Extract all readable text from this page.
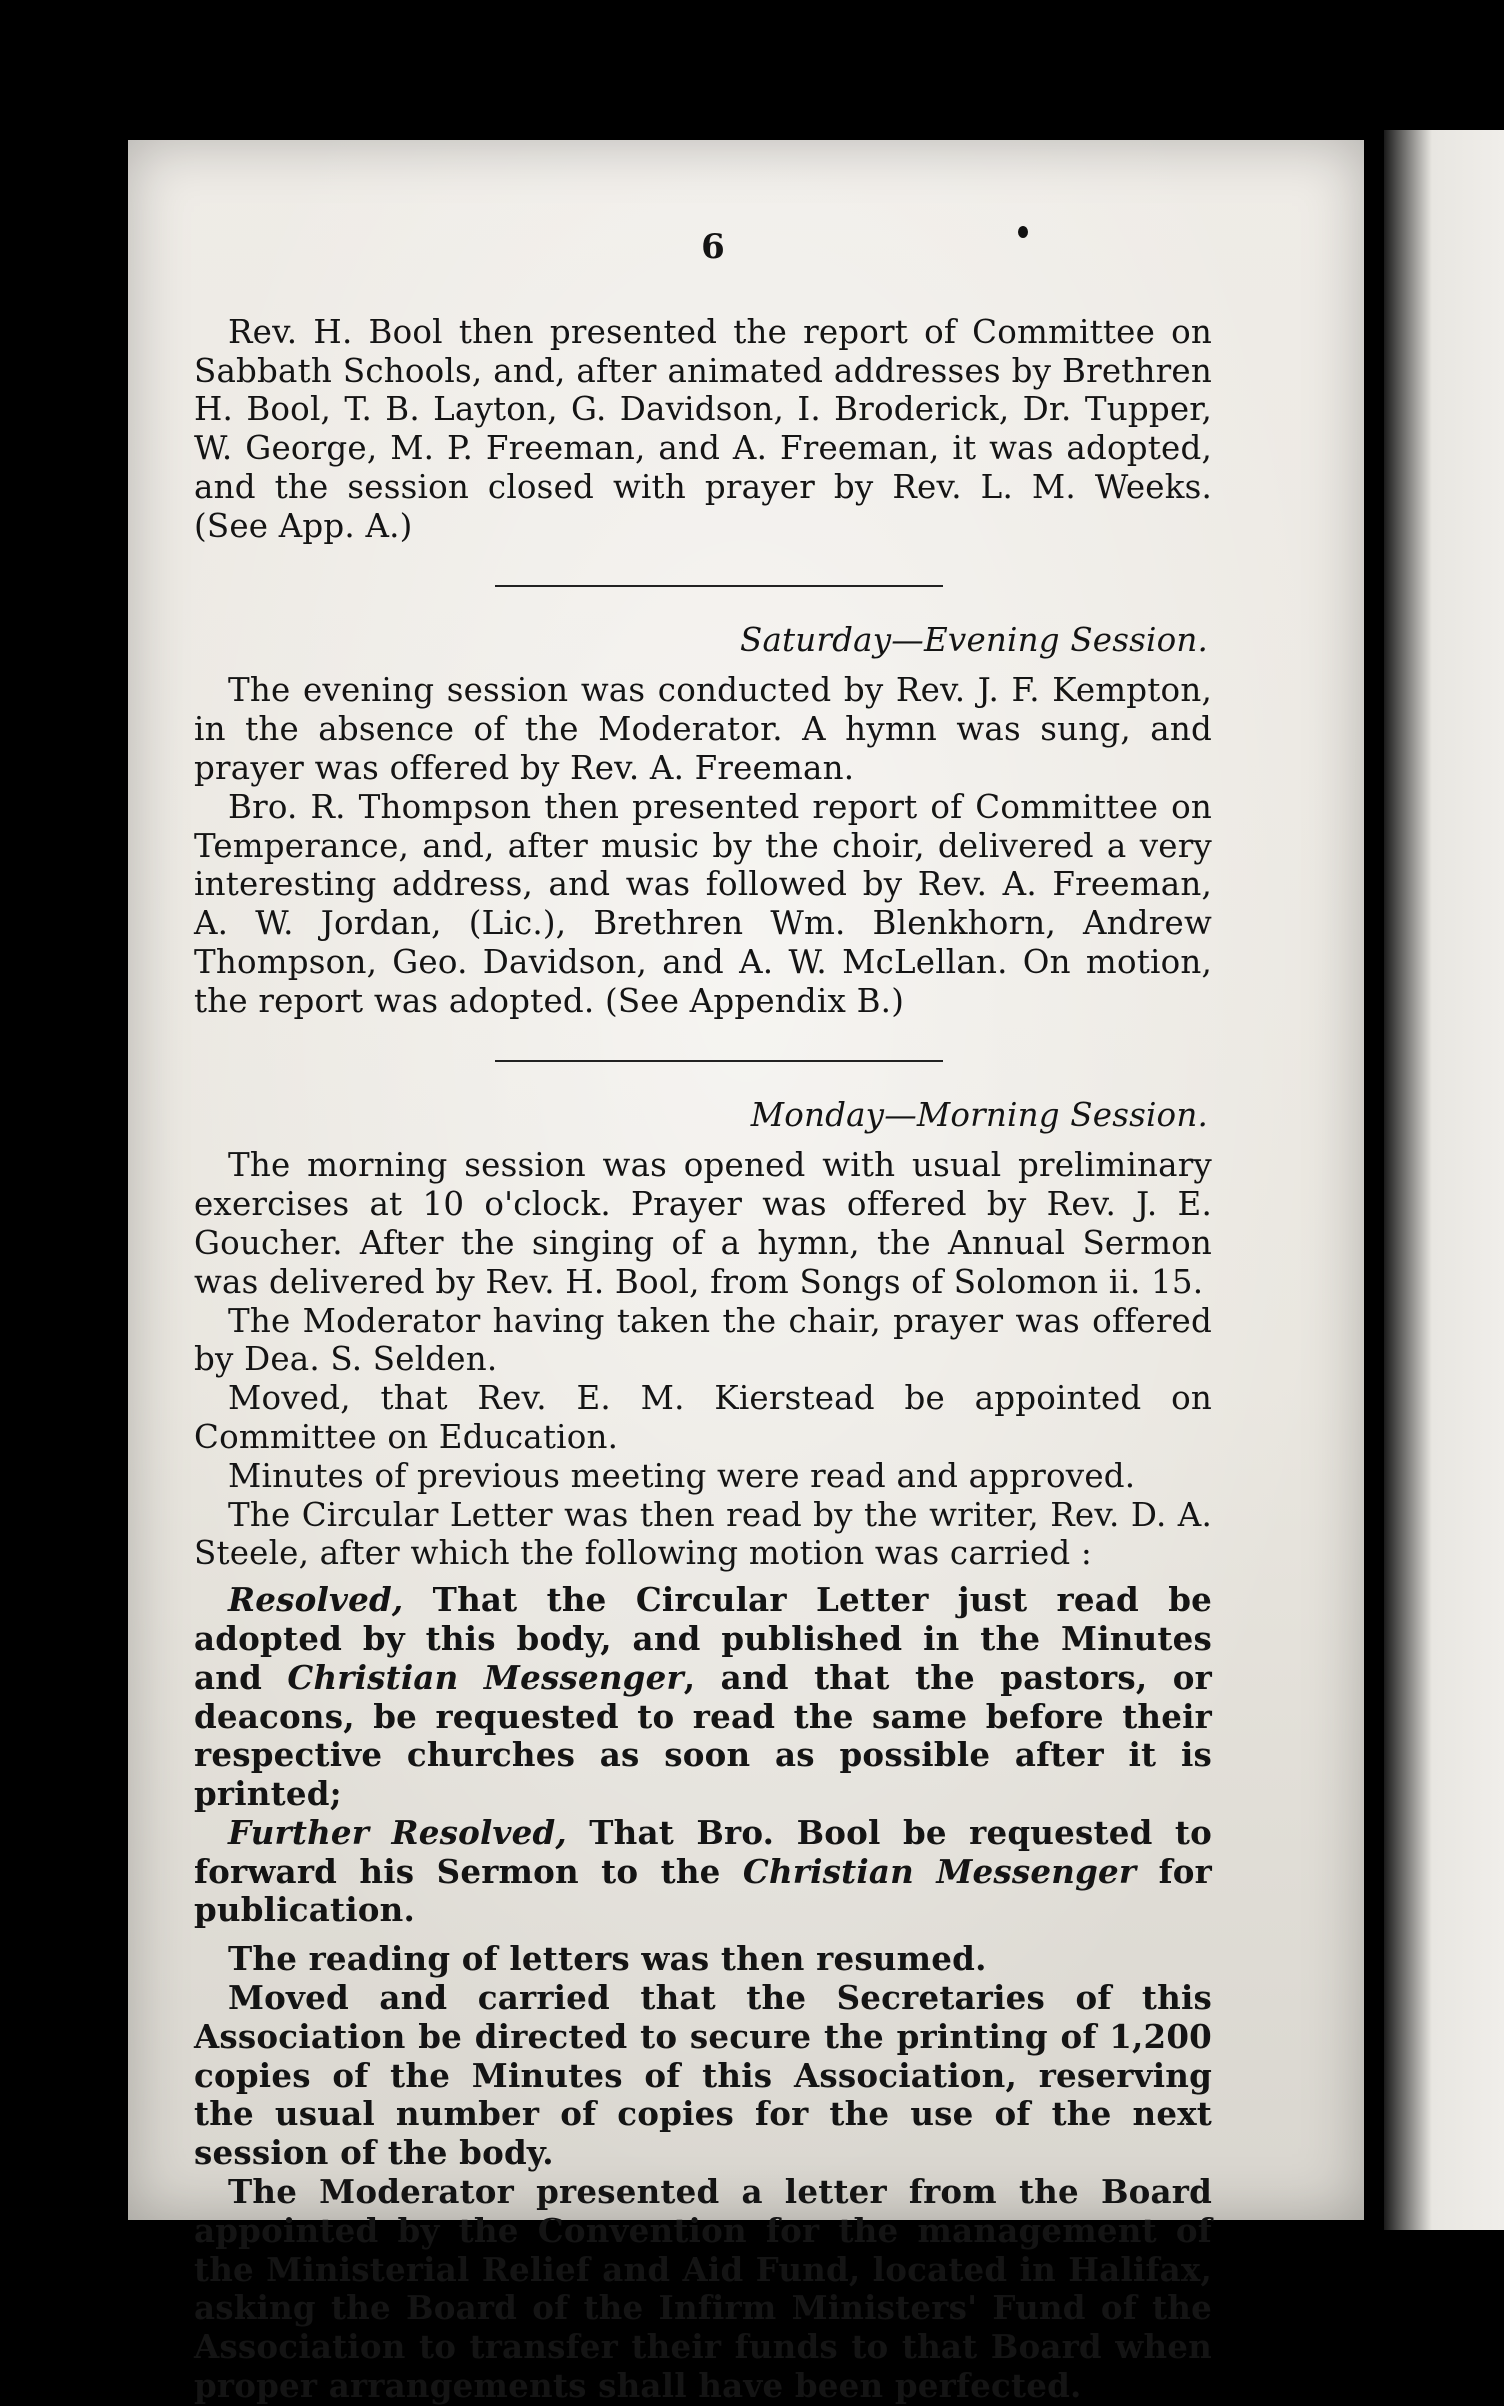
6

Rev. H. Bool then presented the report of Committee on Sabbath Schools, and, after animated addresses by Brethren H. Bool, T. B. Layton, G. Davidson, I. Broderick, Dr. Tupper, W. George, M. P. Freeman, and A. Freeman, it was adopted, and the session closed with prayer by Rev. L. M. Weeks. (See App. A.)

Saturday—Evening Session.

The evening session was conducted by Rev. J. F. Kempton, in the absence of the Moderator. A hymn was sung, and prayer was offered by Rev. A. Freeman.

Bro. R. Thompson then presented report of Committee on Temperance, and, after music by the choir, delivered a very interesting address, and was followed by Rev. A. Freeman, A. W. Jordan, (Lic.), Brethren Wm. Blenkhorn, Andrew Thompson, Geo. Davidson, and A. W. McLellan. On motion, the report was adopted. (See Appendix B.)

Monday—Morning Session.

The morning session was opened with usual preliminary exercises at 10 o'clock. Prayer was offered by Rev. J. E. Goucher. After the singing of a hymn, the Annual Sermon was delivered by Rev. H. Bool, from Songs of Solomon ii. 15.

The Moderator having taken the chair, prayer was offered by Dea. S. Selden.

Moved, that Rev. E. M. Kierstead be appointed on Committee on Education.

Minutes of previous meeting were read and approved.

The Circular Letter was then read by the writer, Rev. D. A. Steele, after which the following motion was carried :

Resolved, That the Circular Letter just read be adopted by this body, and published in the Minutes and Christian Messenger, and that the pastors, or deacons, be requested to read the same before their respective churches as soon as possible after it is printed;

Further Resolved, That Bro. Bool be requested to forward his Sermon to the Christian Messenger for publication.

The reading of letters was then resumed.

Moved and carried that the Secretaries of this Association be directed to secure the printing of 1,200 copies of the Minutes of this Association, reserving the usual number of copies for the use of the next session of the body.

The Moderator presented a letter from the Board appointed by the Convention for the management of the Ministerial Relief and Aid Fund, located in Halifax, asking the Board of the Infirm Ministers' Fund of the Association to transfer their funds to that Board when proper arrangements shall have been perfected.
